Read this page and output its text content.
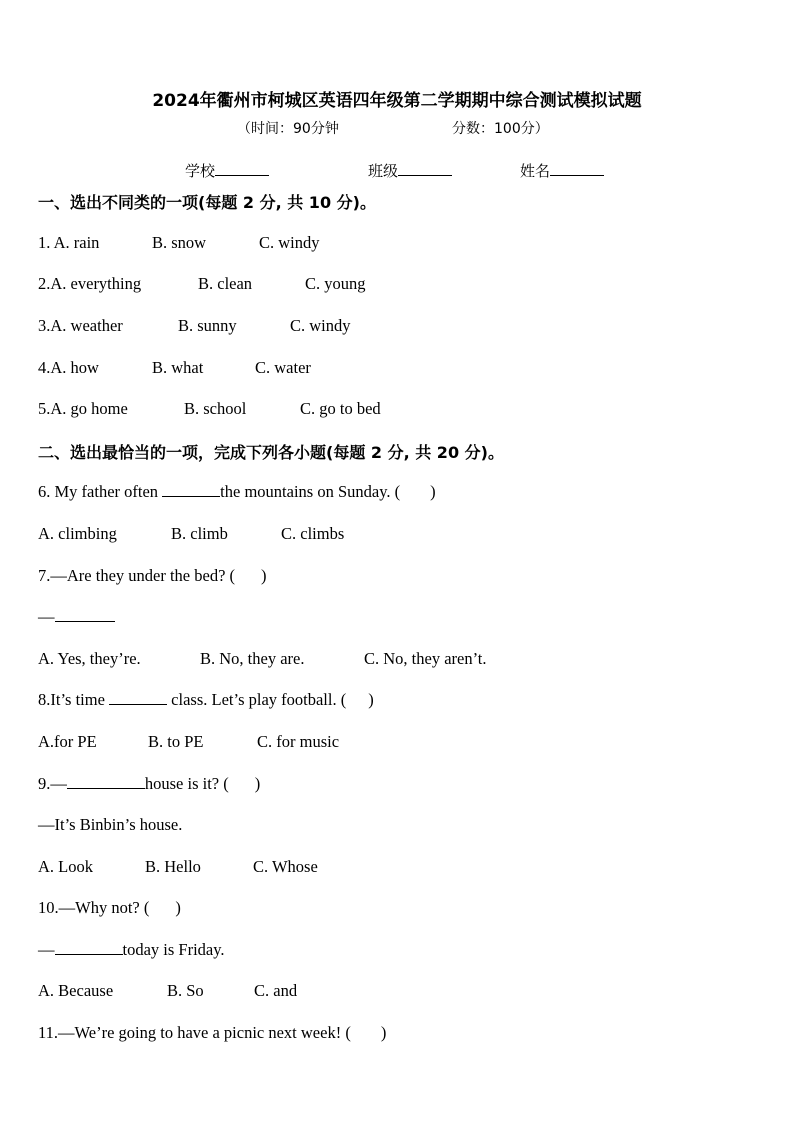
2024年衢州市柯城区英语四年级第二学期期中综合测试模拟试题
（时间：90分钟	分数：100分）
学校	班级	姓名
一、选出不同类的一项(每题 2 分, 共 10 分)。
1. A. rain	B. snow	C. windy
2.A. everything	B. clean	C. young
3.A. weather	B. sunny	C. windy
4.A. how	B. what	C. water
5.A. go home	B. school	C. go to bed
二、选出最恰当的一项，完成下列各小题(每题 2 分, 共 20 分)。
6. My father often	the mountains on Sunday. ( )
A. climbing	B. climb	C. climbs
7.—Are they under the bed? ( )
—
A. Yes, they’re.	B. No, they are.	C. No, they aren’t.
8.It’s time	class. Let’s play football. ( )
A.for PE	B. to PE	C. for music
9.—	house is it? ( )
—It’s Binbin’s house.
A. Look	B. Hello	C. Whose
10.—Why not? ( )
—	today is Friday.
A. Because	B. So	C. and
11.—We’re going to have a picnic next week! ( )
